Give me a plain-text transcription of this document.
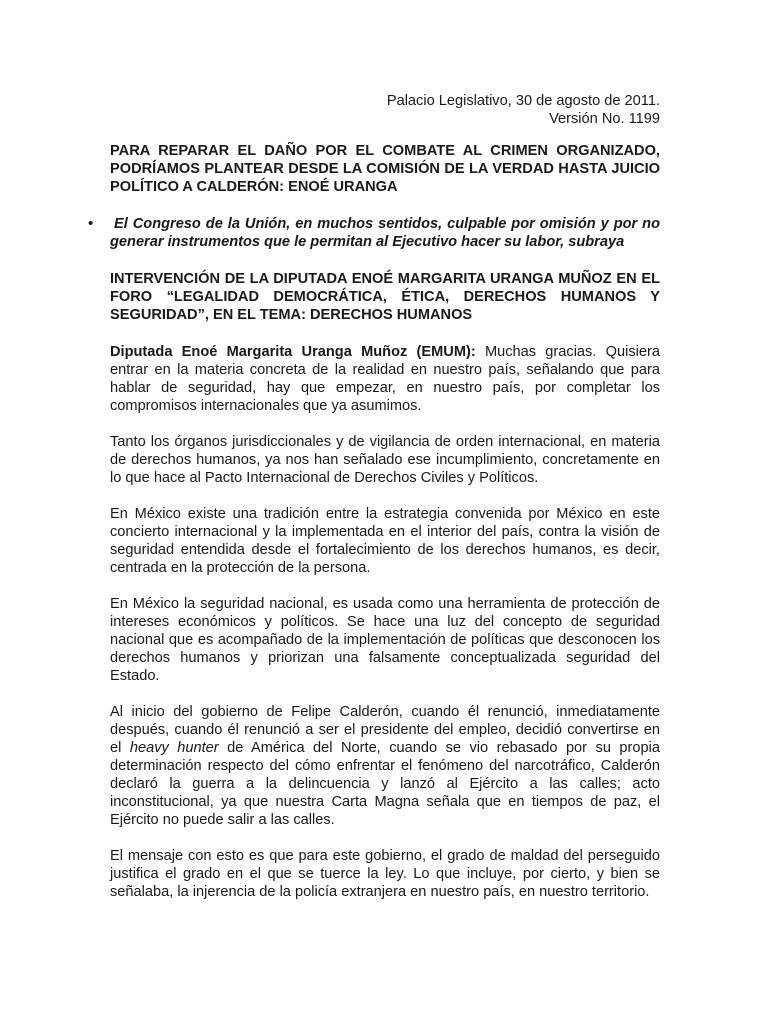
Palacio Legislativo, 30 de agosto de 2011.

Versión No. 1199

PARA REPARAR EL DAÑO POR EL COMBATE AL CRIMEN ORGANIZADO, PODRÍAMOS PLANTEAR DESDE LA COMISIÓN DE LA VERDAD HASTA JUICIO POLÍTICO A CALDERÓN: ENOÉ URANGA

• El Congreso de la Unión, en muchos sentidos, culpable por omisión y por no generar instrumentos que le permitan al Ejecutivo hacer su labor, subraya

INTERVENCIÓN DE LA DIPUTADA ENOÉ MARGARITA URANGA MUÑOZ EN EL FORO “LEGALIDAD DEMOCRÁTICA, ÉTICA, DERECHOS HUMANOS Y SEGURIDAD”, EN EL TEMA: DERECHOS HUMANOS

Diputada Enoé Margarita Uranga Muñoz (EMUM): Muchas gracias. Quisiera entrar en la materia concreta de la realidad en nuestro país, señalando que para hablar de seguridad, hay que empezar, en nuestro país, por completar los compromisos internacionales que ya asumimos.

Tanto los órganos jurisdiccionales y de vigilancia de orden internacional, en materia de derechos humanos, ya nos han señalado ese incumplimiento, concretamente en lo que hace al Pacto Internacional de Derechos Civiles y Políticos.

En México existe una tradición entre la estrategia convenida por México en este concierto internacional y la implementada en el interior del país, contra la visión de seguridad entendida desde el fortalecimiento de los derechos humanos, es decir, centrada en la protección de la persona.

En México la seguridad nacional, es usada como una herramienta de protección de intereses económicos y políticos. Se hace una luz del concepto de seguridad nacional que es acompañado de la implementación de políticas que desconocen los derechos humanos y priorizan una falsamente conceptualizada seguridad del Estado.

Al inicio del gobierno de Felipe Calderón, cuando él renunció, inmediatamente después, cuando él renunció a ser el presidente del empleo, decidió convertirse en el heavy hunter de América del Norte, cuando se vio rebasado por su propia determinación respecto del cómo enfrentar el fenómeno del narcotráfico, Calderón declaró la guerra a la delincuencia y lanzó al Ejército a las calles; acto inconstitucional, ya que nuestra Carta Magna señala que en tiempos de paz, el Ejército no puede salir a las calles.

El mensaje con esto es que para este gobierno, el grado de maldad del perseguido justifica el grado en el que se tuerce la ley. Lo que incluye, por cierto, y bien se señalaba, la injerencia de la policía extranjera en nuestro país, en nuestro territorio.
